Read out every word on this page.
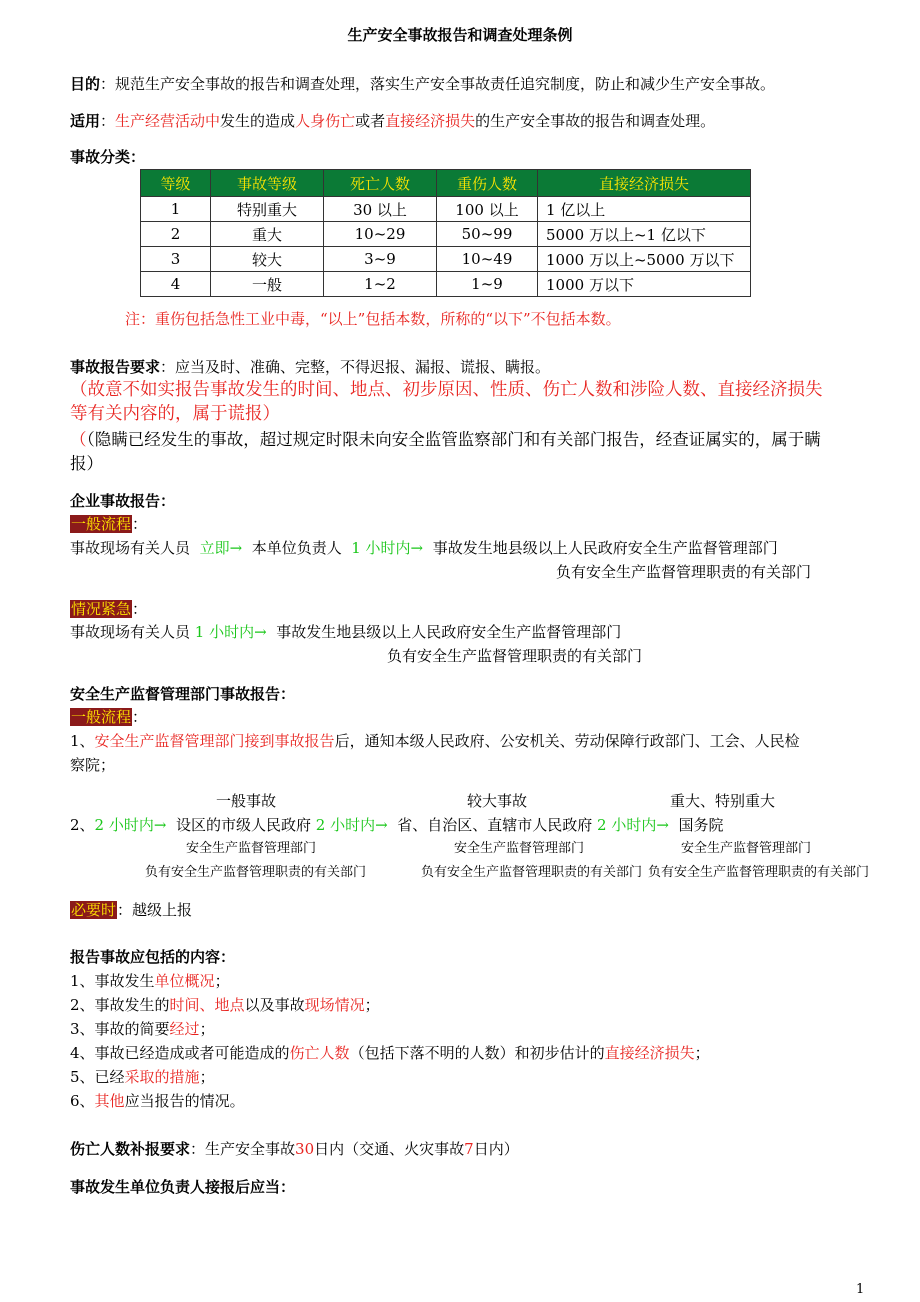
生产安全事故报告和调查处理条例
目的：规范生产安全事故的报告和调查处理，落实生产安全事故责任追究制度，防止和减少生产安全事故。
适用：生产经营活动中发生的造成人身伤亡或者直接经济损失的生产安全事故的报告和调查处理。
事故分类：
等级	事故等级	死亡人数	重伤人数	直接经济损失
1	特别重大	30 以上	100 以上	1 亿以上
2	重大	10~29	50~99	5000 万以上~1 亿以下
3	较大	3~9	10~49	1000 万以上~5000 万以下
4	一般	1~2	1~9	1000 万以下
注：重伤包括急性工业中毒，“以上”包括本数，所称的“以下”不包括本数。
事故报告要求：应当及时、准确、完整，不得迟报、漏报、谎报、瞒报。
（故意不如实报告事故发生的时间、地点、初步原因、性质、伤亡人数和涉险人数、直接经济损失
等有关内容的，属于谎报）
（（隐瞒已经发生的事故，超过规定时限未向安全监管监察部门和有关部门报告，经查证属实的，属于瞒
报）
企业事故报告：
一般流程：
事故现场有关人员 立即→ 本单位负责人 1 小时内→ 事故发生地县级以上人民政府安全生产监督管理部门
负有安全生产监督管理职责的有关部门
情况紧急：
事故现场有关人员 1 小时内→ 事故发生地县级以上人民政府安全生产监督管理部门
负有安全生产监督管理职责的有关部门
安全生产监督管理部门事故报告：
一般流程：
1、安全生产监督管理部门接到事故报告后，通知本级人民政府、公安机关、劳动保障行政部门、工会、人民检
察院；
一般事故	较大事故	重大、特别重大
2、2 小时内→ 设区的市级人民政府 2 小时内→ 省、自治区、直辖市人民政府 2 小时内→ 国务院
安全生产监督管理部门	安全生产监督管理部门	安全生产监督管理部门
负有安全生产监督管理职责的有关部门	负有安全生产监督管理职责的有关部门 负有安全生产监督管理职责的有关部门
必要时：越级上报
报告事故应包括的内容：
1、事故发生单位概况；
2、事故发生的时间、地点以及事故现场情况；
3、事故的简要经过；
4、事故已经造成或者可能造成的伤亡人数（包括下落不明的人数）和初步估计的直接经济损失；
5、已经采取的措施；
6、其他应当报告的情况。
伤亡人数补报要求：生产安全事故30日内（交通、火灾事故7日内）
事故发生单位负责人接报后应当：
1
